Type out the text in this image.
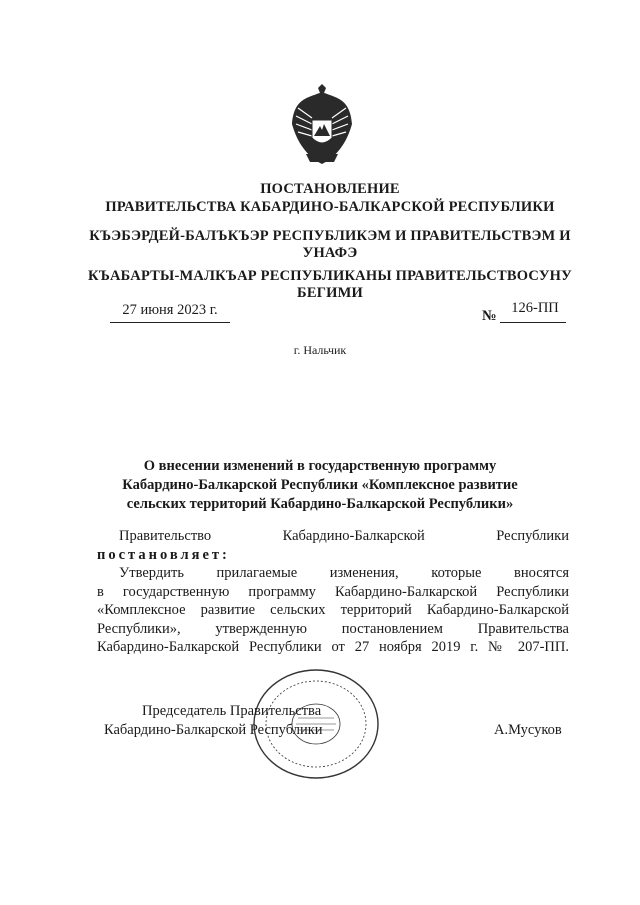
ПОСТАНОВЛЕНИЕ
ПРАВИТЕЛЬСТВА КАБАРДИНО-БАЛКАРСКОЙ РЕСПУБЛИКИ
КЪЭБЭРДЕЙ-БАЛЪКЪЭР РЕСПУБЛИКЭМ И ПРАВИТЕЛЬСТВЭМ И
УНАФЭ
КЪАБАРТЫ-МАЛКЪАР РЕСПУБЛИКАНЫ ПРАВИТЕЛЬСТВОСУНУ
БЕГИМИ
27 июня 2023 г.	№	126-ПП
г. Нальчик
О внесении изменений в государственную программу
Кабардино-Балкарской Республики «Комплексное развитие
сельских территорий Кабардино-Балкарской Республики»
Правительство Кабардино-Балкарской Республики
постановляет:
Утвердить прилагаемые изменения, которые вносятся
в государственную программу Кабардино-Балкарской Республики
«Комплексное развитие сельских территорий Кабардино-Балкарской
Республики», утвержденную постановлением Правительства
Кабардино-Балкарской Республики от 27 ноября 2019 г. № 207-ПП.
Председатель Правительства
Кабардино-Балкарской Республики	А.Мусуков
